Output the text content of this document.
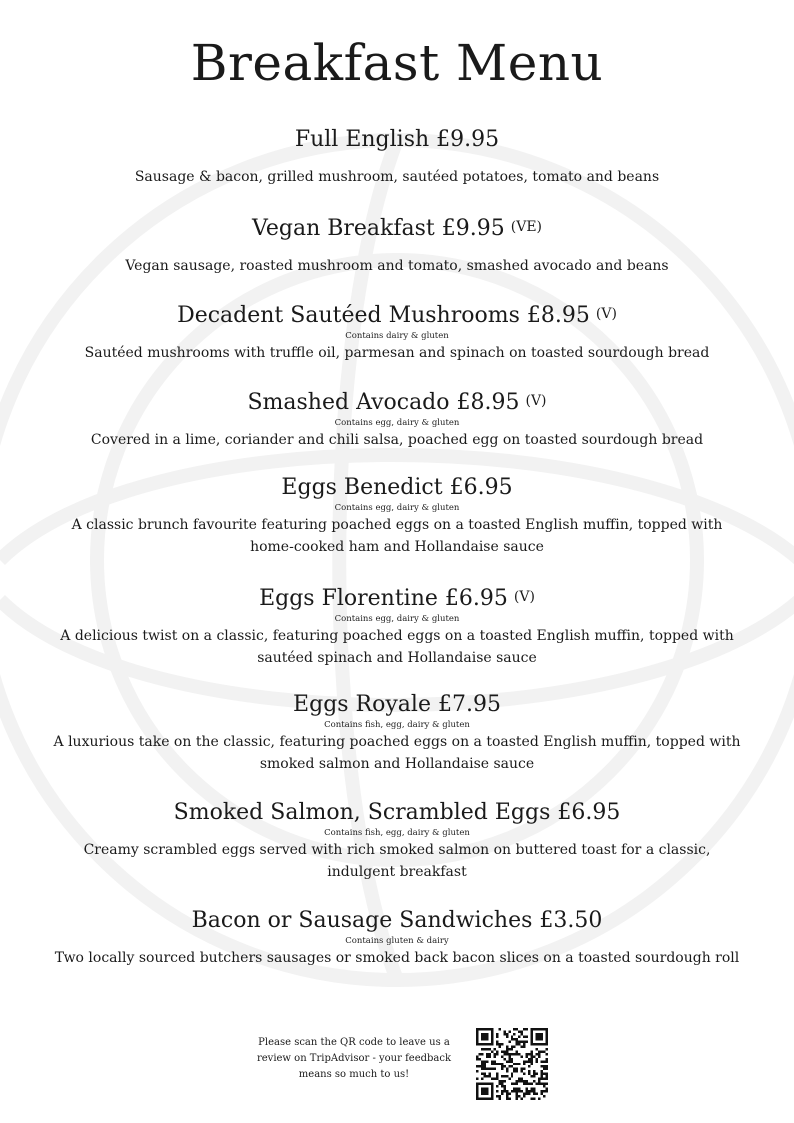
Breakfast Menu
Full English £9.95
Sausage & bacon, grilled mushroom, sautéed potatoes, tomato and beans
Vegan Breakfast £9.95 (VE)
Vegan sausage, roasted mushroom and tomato, smashed avocado and beans
Decadent Sautéed Mushrooms £8.95 (V)
Contains dairy & gluten
Sautéed mushrooms with truffle oil, parmesan and spinach on toasted sourdough bread
Smashed Avocado £8.95 (V)
Contains egg, dairy & gluten
Covered in a lime, coriander and chili salsa, poached egg on toasted sourdough bread
Eggs Benedict £6.95
Contains egg, dairy & gluten
A classic brunch favourite featuring poached eggs on a toasted English muffin, topped with home-cooked ham and Hollandaise sauce
Eggs Florentine £6.95 (V)
Contains egg, dairy & gluten
A delicious twist on a classic, featuring poached eggs on a toasted English muffin, topped with sautéed spinach and Hollandaise sauce
Eggs Royale £7.95
Contains fish, egg, dairy & gluten
A luxurious take on the classic, featuring poached eggs on a toasted English muffin, topped with smoked salmon and Hollandaise sauce
Smoked Salmon, Scrambled Eggs £6.95
Contains fish, egg, dairy & gluten
Creamy scrambled eggs served with rich smoked salmon on buttered toast for a classic, indulgent breakfast
Bacon or Sausage Sandwiches £3.50
Contains gluten & dairy
Two locally sourced butchers sausages or smoked back bacon slices on a toasted sourdough roll
Please scan the QR code to leave us a review on TripAdvisor - your feedback means so much to us!
